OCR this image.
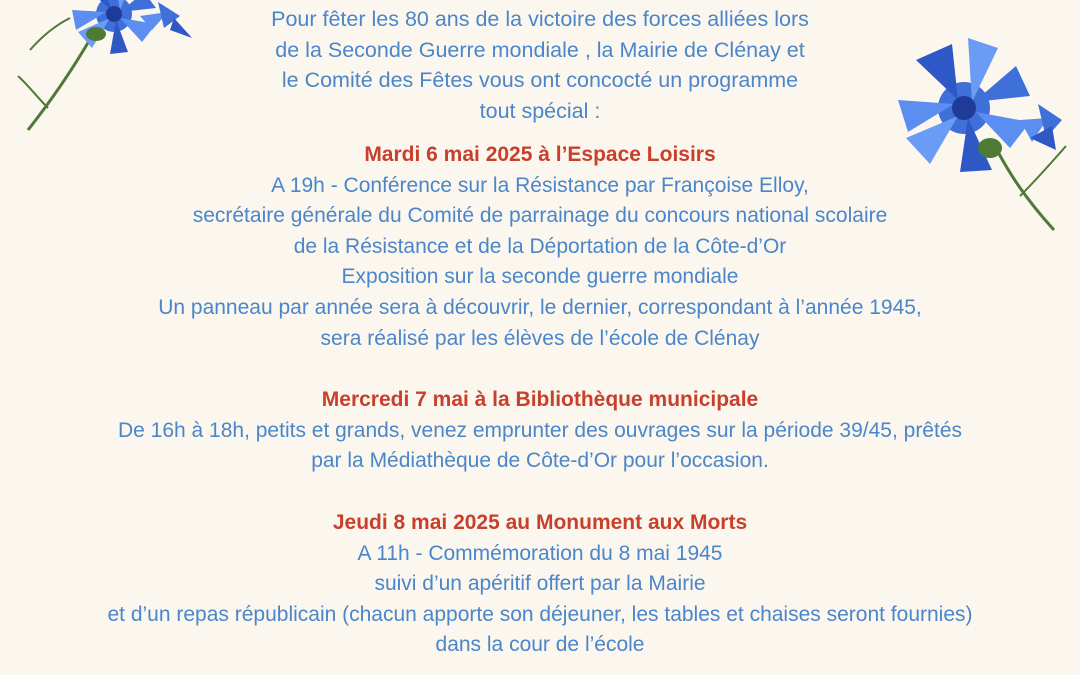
Pour fêter les 80 ans de la victoire des forces alliées lors

de la Seconde Guerre mondiale , la Mairie de Clénay et

le Comité des Fêtes vous ont concocté un programme

tout spécial :

Mardi 6 mai 2025 à l’Espace Loisirs

A 19h - Conférence sur la Résistance par Françoise Elloy,

secrétaire générale du Comité de parrainage du concours national scolaire

de la Résistance et de la Déportation de la Côte-d’Or

Exposition sur la seconde guerre mondiale

Un panneau par année sera à découvrir, le dernier, correspondant à l’année 1945,

sera réalisé par les élèves de l’école de Clénay

Mercredi 7 mai à la Bibliothèque municipale

De 16h à 18h, petits et grands, venez emprunter des ouvrages sur la période 39/45, prêtés

par la Médiathèque de Côte-d’Or pour l’occasion.

Jeudi 8 mai 2025 au Monument aux Morts

A 11h - Commémoration du 8 mai 1945

suivi d’un apéritif offert par la Mairie

et d’un repas républicain (chacun apporte son déjeuner, les tables et chaises seront fournies)

dans la cour de l’école
